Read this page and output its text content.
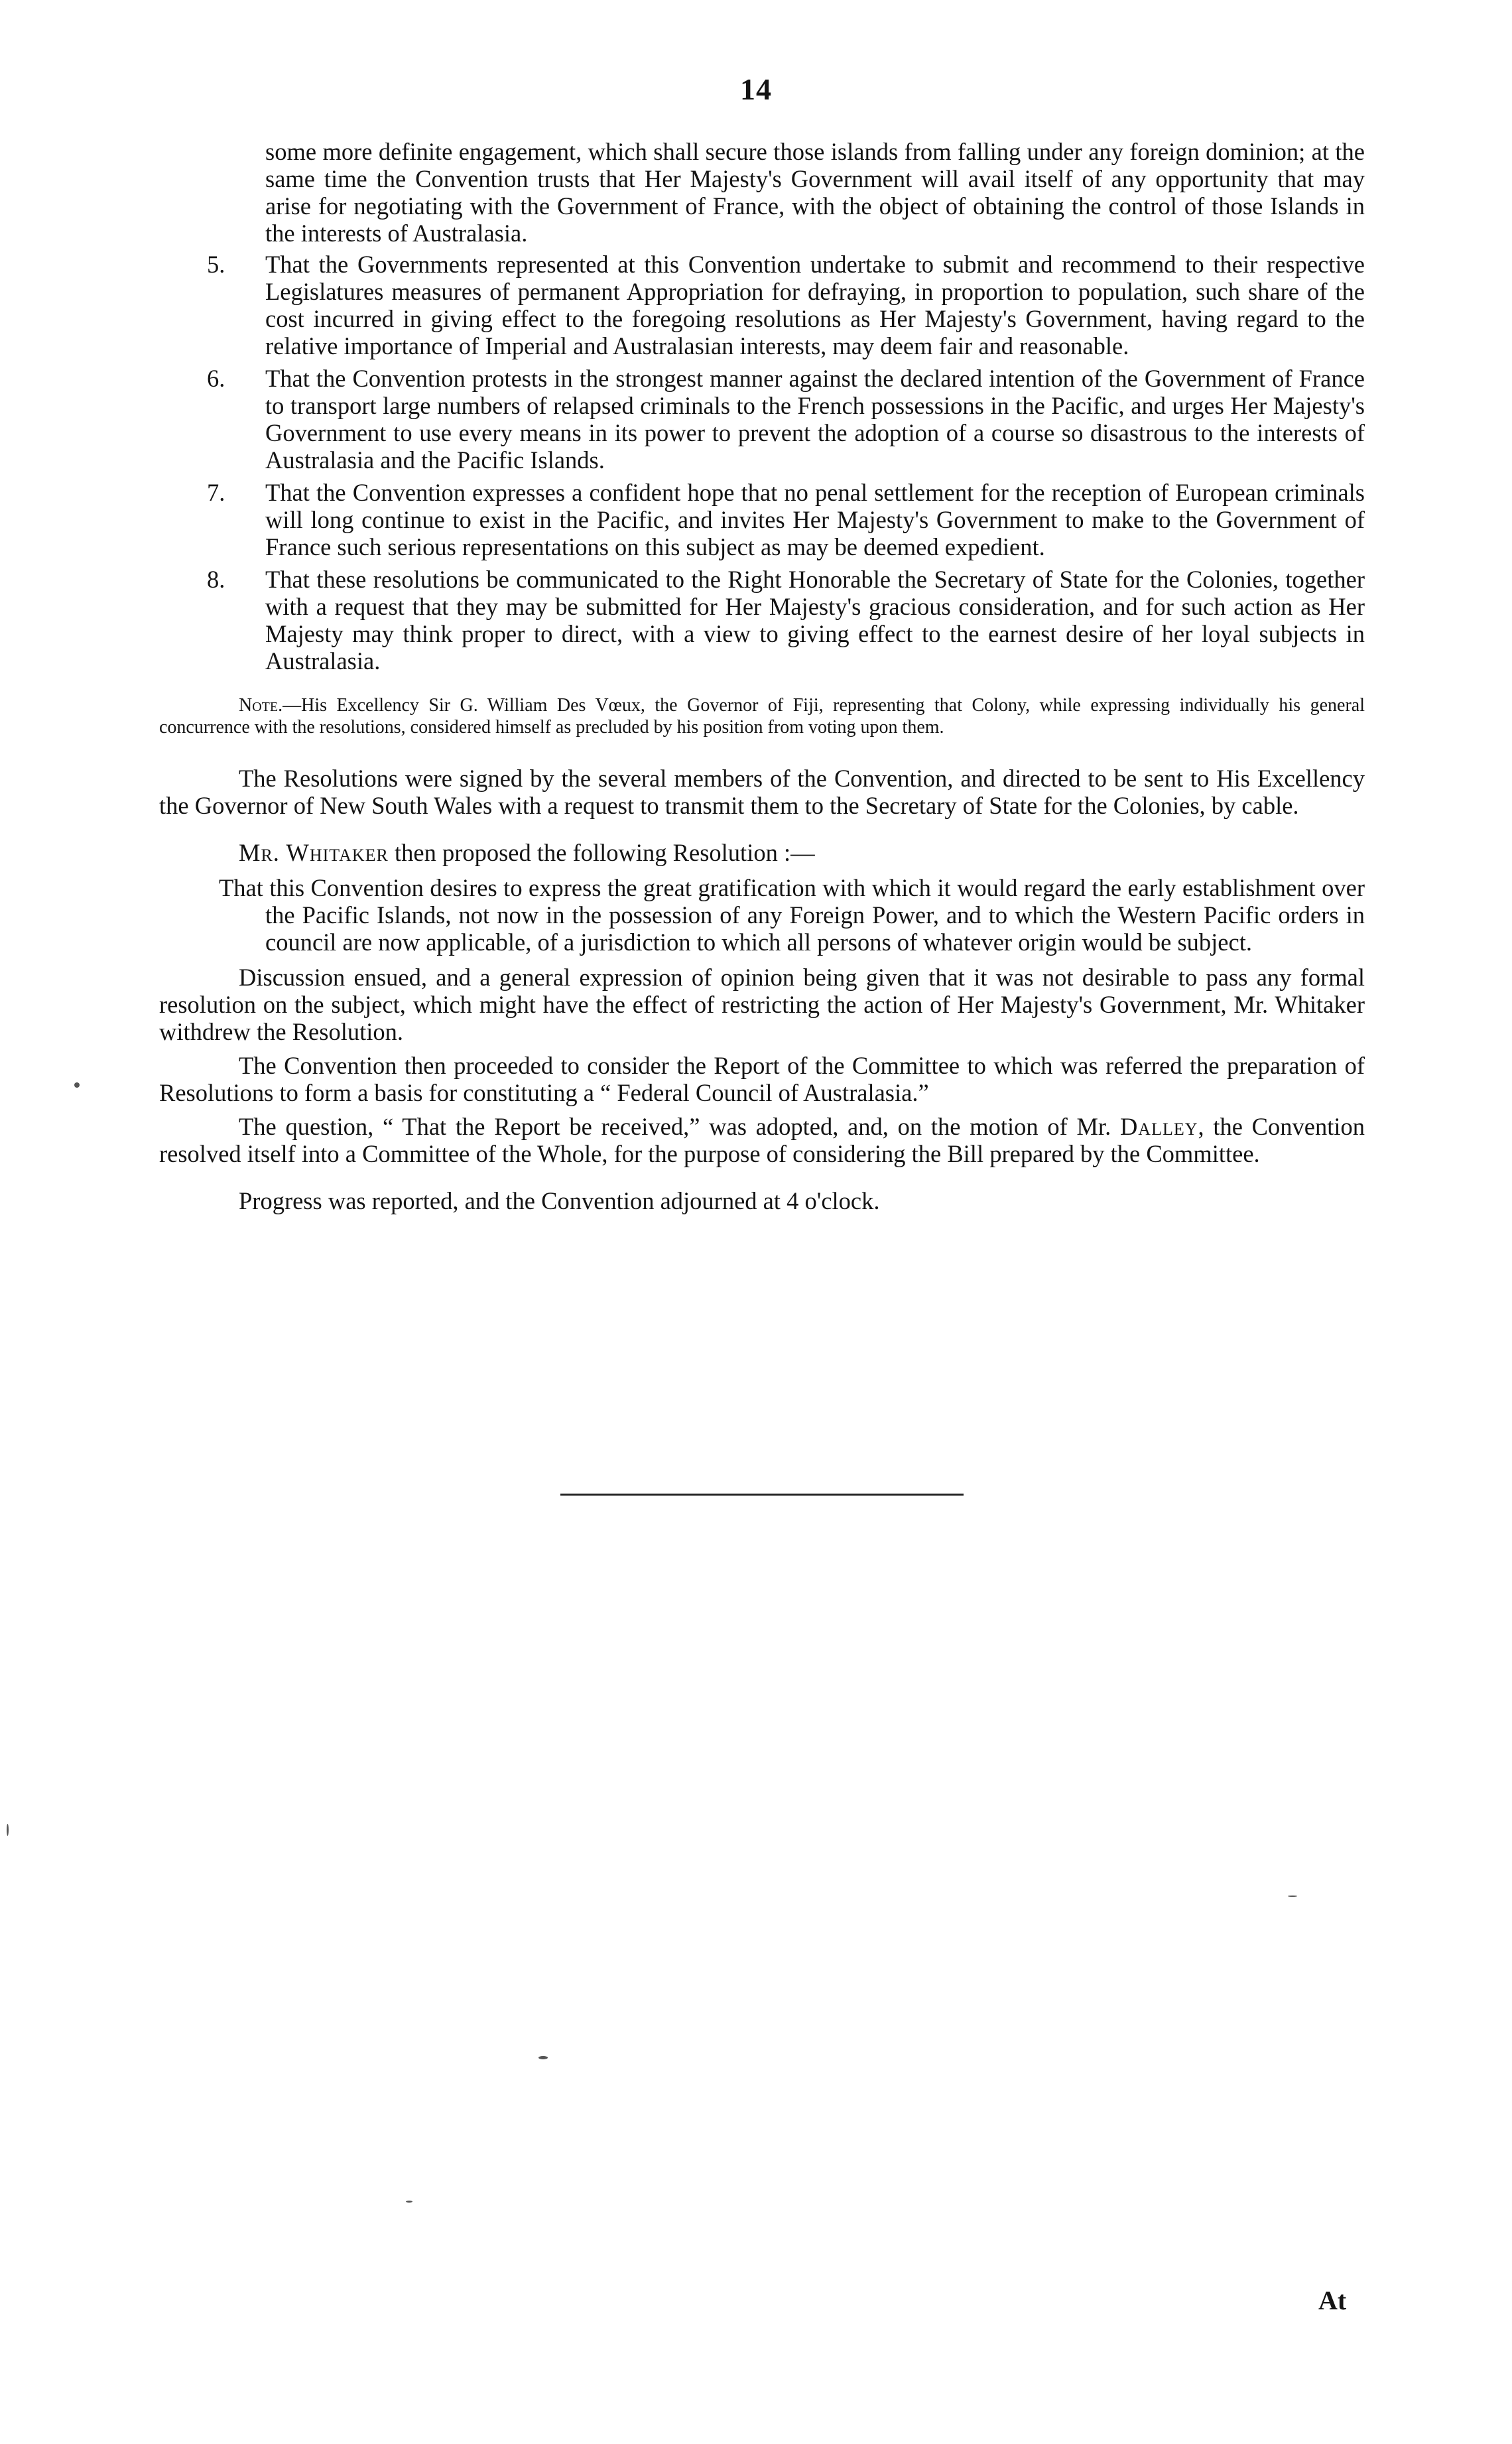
14

some more definite engagement, which shall secure those islands from falling under any foreign dominion; at the same time the Convention trusts that Her Majesty's Government will avail itself of any opportunity that may arise for negotiating with the Government of France, with the object of obtaining the control of those Islands in the interests of Australasia.

5. That the Governments represented at this Convention undertake to submit and recommend to their respective Legislatures measures of permanent Appropriation for defraying, in proportion to population, such share of the cost incurred in giving effect to the foregoing resolutions as Her Majesty's Government, having regard to the relative importance of Imperial and Australasian interests, may deem fair and reasonable.
6. That the Convention protests in the strongest manner against the declared intention of the Government of France to transport large numbers of relapsed criminals to the French possessions in the Pacific, and urges Her Majesty's Government to use every means in its power to prevent the adoption of a course so disastrous to the interests of Australasia and the Pacific Islands.
7. That the Convention expresses a confident hope that no penal settlement for the reception of European criminals will long continue to exist in the Pacific, and invites Her Majesty's Government to make to the Government of France such serious representations on this subject as may be deemed expedient.
8. That these resolutions be communicated to the Right Honorable the Secretary of State for the Colonies, together with a request that they may be submitted for Her Majesty's gracious consideration, and for such action as Her Majesty may think proper to direct, with a view to giving effect to the earnest desire of her loyal subjects in Australasia.

Note.—His Excellency Sir G. William Des Vœux, the Governor of Fiji, representing that Colony, while expressing individually his general concurrence with the resolutions, considered himself as precluded by his position from voting upon them.

The Resolutions were signed by the several members of the Convention, and directed to be sent to His Excellency the Governor of New South Wales with a request to transmit them to the Secretary of State for the Colonies, by cable.

Mr. Whitaker then proposed the following Resolution :—

That this Convention desires to express the great gratification with which it would regard the early establishment over the Pacific Islands, not now in the possession of any Foreign Power, and to which the Western Pacific orders in council are now applicable, of a jurisdiction to which all persons of whatever origin would be subject.

Discussion ensued, and a general expression of opinion being given that it was not desirable to pass any formal resolution on the subject, which might have the effect of restricting the action of Her Majesty's Government, Mr. Whitaker withdrew the Resolution.

The Convention then proceeded to consider the Report of the Committee to which was referred the preparation of Resolutions to form a basis for constituting a “ Federal Council of Australasia.”

The question, “ That the Report be received,” was adopted, and, on the motion of Mr. Dalley, the Convention resolved itself into a Committee of the Whole, for the purpose of considering the Bill prepared by the Committee.

Progress was reported, and the Convention adjourned at 4 o'clock.

At
